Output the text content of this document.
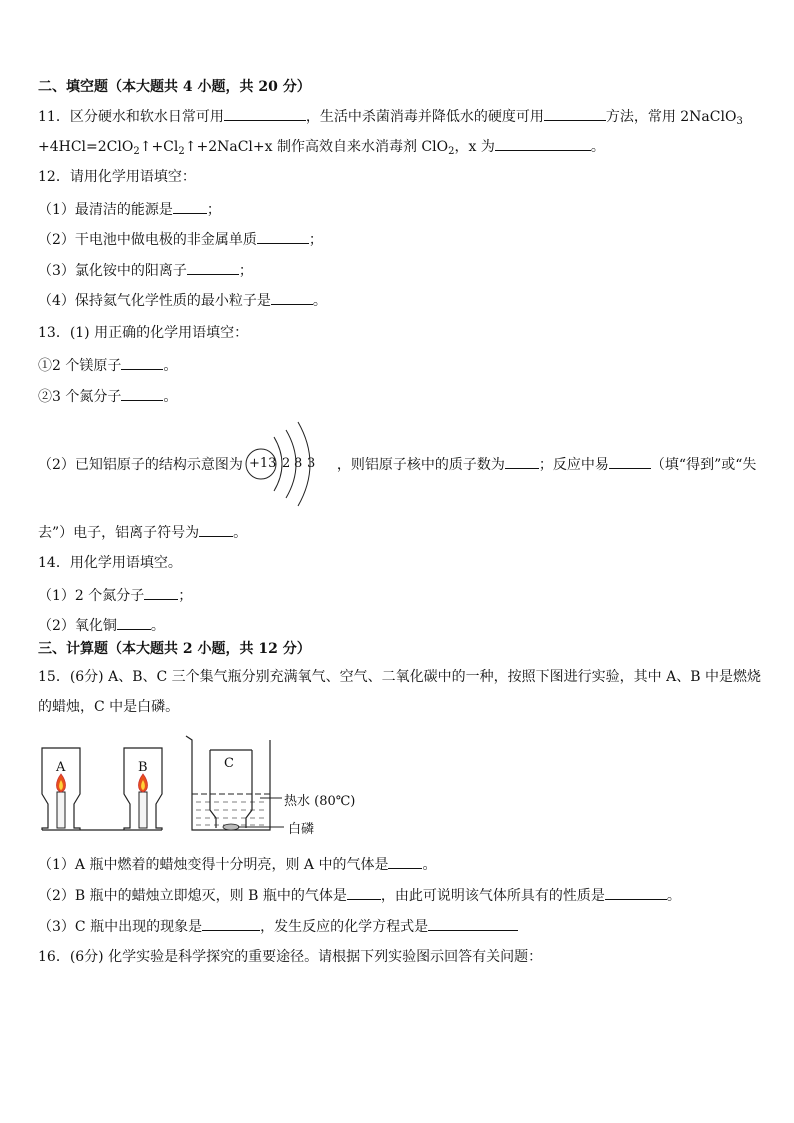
二、填空题（本大题共 4 小题，共 20 分）
11．区分硬水和软水日常可用	，生活中杀菌消毒并降低水的硬度可用	方法，常用 2NaClO$_3$
$+4HCl=2ClO_2↑+Cl_2↑+2NaCl+x$ 制作高效自来水消毒剂 ClO$_2$，x 为	。
12．请用化学用语填空：
（1）最清洁的能源是 ；
（2）干电池中做电极的非金属单质	；
（3）氯化铵中的阳离子	；
（4）保持氦气化学性质的最小粒子是	。
13．(1) 用正确的化学用语填空：
①2 个镁原子	。
②3 个氮分子	。
（2）已知铝原子的结构示意图为	，则铝原子核中的质子数为 ；反应中易	（填“得到”或“失
去”）电子，铝离子符号为 。
+13 2 8 3
14．用化学用语填空。
（1）2 个氮分子 ；
（2）氧化铜 。
三、计算题（本大题共 2 小题，共 12 分）
15．(6分) A、B、C 三个集气瓶分别充满氧气、空气、二氧化碳中的一种，按照下图进行实验，其中 A、B 中是燃烧
的蜡烛，C 中是白磷。
A	B	C
热水 (80℃)
白磷
（1）A 瓶中燃着的蜡烛变得十分明亮，则 A 中的气体是 。
（2）B 瓶中的蜡烛立即熄灭，则 B 瓶中的气体是 ，由此可说明该气体所具有的性质是	。
（3）C 瓶中出现的现象是	，发生反应的化学方程式是
16．(6分) 化学实验是科学探究的重要途径。请根据下列实验图示回答有关问题：
